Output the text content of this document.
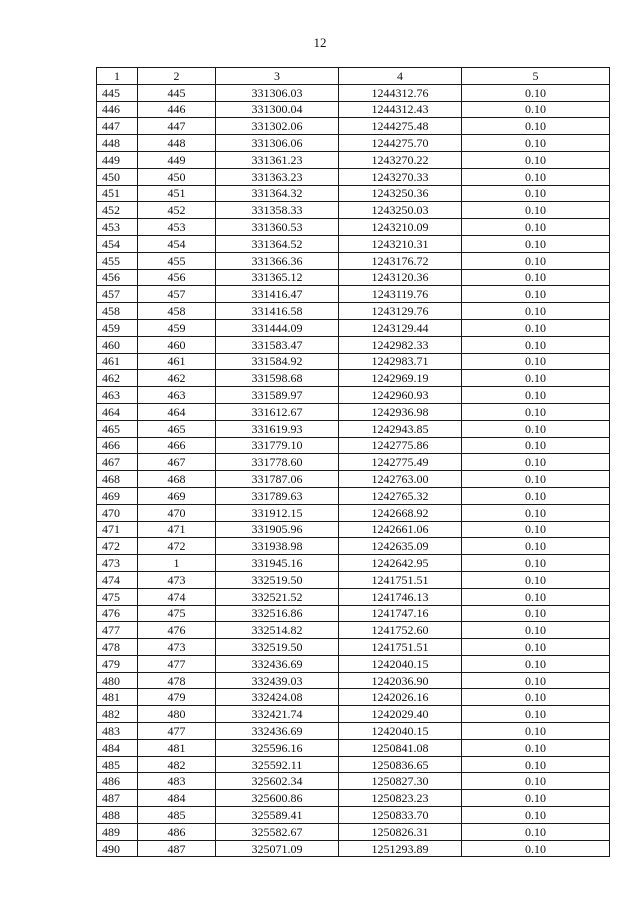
12
1	2	3	4	5
445	445	331306.03	1244312.76	0.10
446	446	331300.04	1244312.43	0.10
447	447	331302.06	1244275.48	0.10
448	448	331306.06	1244275.70	0.10
449	449	331361.23	1243270.22	0.10
450	450	331363.23	1243270.33	0.10
451	451	331364.32	1243250.36	0.10
452	452	331358.33	1243250.03	0.10
453	453	331360.53	1243210.09	0.10
454	454	331364.52	1243210.31	0.10
455	455	331366.36	1243176.72	0.10
456	456	331365.12	1243120.36	0.10
457	457	331416.47	1243119.76	0.10
458	458	331416.58	1243129.76	0.10
459	459	331444.09	1243129.44	0.10
460	460	331583.47	1242982.33	0.10
461	461	331584.92	1242983.71	0.10
462	462	331598.68	1242969.19	0.10
463	463	331589.97	1242960.93	0.10
464	464	331612.67	1242936.98	0.10
465	465	331619.93	1242943.85	0.10
466	466	331779.10	1242775.86	0.10
467	467	331778.60	1242775.49	0.10
468	468	331787.06	1242763.00	0.10
469	469	331789.63	1242765.32	0.10
470	470	331912.15	1242668.92	0.10
471	471	331905.96	1242661.06	0.10
472	472	331938.98	1242635.09	0.10
473	1	331945.16	1242642.95	0.10
474	473	332519.50	1241751.51	0.10
475	474	332521.52	1241746.13	0.10
476	475	332516.86	1241747.16	0.10
477	476	332514.82	1241752.60	0.10
478	473	332519.50	1241751.51	0.10
479	477	332436.69	1242040.15	0.10
480	478	332439.03	1242036.90	0.10
481	479	332424.08	1242026.16	0.10
482	480	332421.74	1242029.40	0.10
483	477	332436.69	1242040.15	0.10
484	481	325596.16	1250841.08	0.10
485	482	325592.11	1250836.65	0.10
486	483	325602.34	1250827.30	0.10
487	484	325600.86	1250823.23	0.10
488	485	325589.41	1250833.70	0.10
489	486	325582.67	1250826.31	0.10
490	487	325071.09	1251293.89	0.10
